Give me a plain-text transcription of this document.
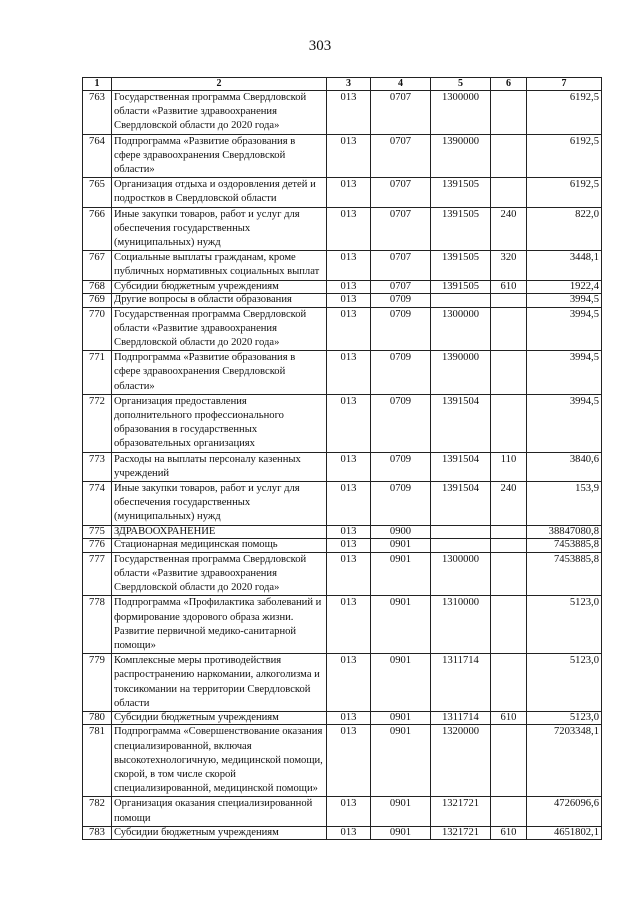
303
1	2	3	4	5	6	7
763	Государственная программа Свердловской области «Развитие здравоохранения Свердловской области до 2020 года»	013	0707	1300000		6192,5
764	Подпрограмма «Развитие образования в сфере здравоохранения Свердловской области»	013	0707	1390000		6192,5
765	Организация отдыха и оздоровления детей и подростков в Свердловской области	013	0707	1391505		6192,5
766	Иные закупки товаров, работ и услуг для обеспечения государственных (муниципальных) нужд	013	0707	1391505	240	822,0
767	Социальные выплаты гражданам, кроме публичных нормативных социальных выплат	013	0707	1391505	320	3448,1
768	Субсидии бюджетным учреждениям	013	0707	1391505	610	1922,4
769	Другие вопросы в области образования	013	0709			3994,5
770	Государственная программа Свердловской области «Развитие здравоохранения Свердловской области до 2020 года»	013	0709	1300000		3994,5
771	Подпрограмма «Развитие образования в сфере здравоохранения Свердловской области»	013	0709	1390000		3994,5
772	Организация предоставления дополнительного профессионального образования в государственных образовательных организациях	013	0709	1391504		3994,5
773	Расходы на выплаты персоналу казенных учреждений	013	0709	1391504	110	3840,6
774	Иные закупки товаров, работ и услуг для обеспечения государственных (муниципальных) нужд	013	0709	1391504	240	153,9
775	ЗДРАВООХРАНЕНИЕ	013	0900			38847080,8
776	Стационарная медицинская помощь	013	0901			7453885,8
777	Государственная программа Свердловской области «Развитие здравоохранения Свердловской области до 2020 года»	013	0901	1300000		7453885,8
778	Подпрограмма «Профилактика заболеваний и формирование здорового образа жизни. Развитие первичной медико-санитарной помощи»	013	0901	1310000		5123,0
779	Комплексные меры противодействия распространению наркомании, алкоголизма и токсикомании на территории Свердловской области	013	0901	1311714		5123,0
780	Субсидии бюджетным учреждениям	013	0901	1311714	610	5123,0
781	Подпрограмма «Совершенствование оказания специализированной, включая высокотехнологичную, медицинской помощи, скорой, в том числе скорой специализированной, медицинской помощи»	013	0901	1320000		7203348,1
782	Организация оказания специализированной помощи	013	0901	1321721		4726096,6
783	Субсидии бюджетным учреждениям	013	0901	1321721	610	4651802,1
